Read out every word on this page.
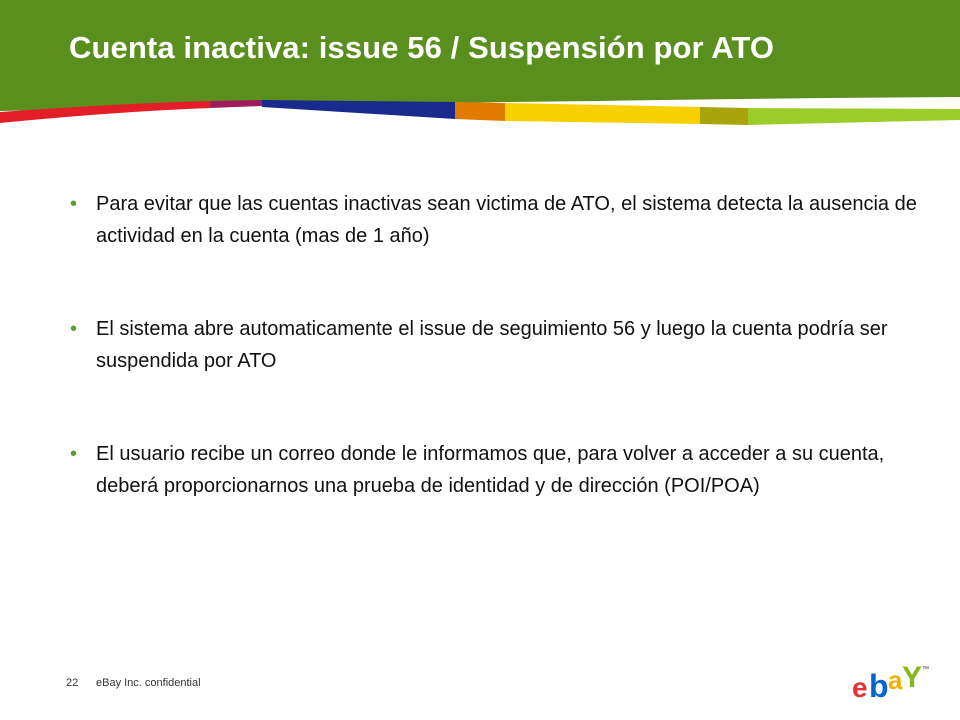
Cuenta inactiva: issue 56 / Suspensión por ATO
• Para evitar que las cuentas inactivas sean victima de ATO, el sistema detecta la ausencia de actividad en la cuenta (mas de 1 año)
• El sistema abre automaticamente el issue de seguimiento 56 y luego la cuenta podría ser suspendida por ATO
• El usuario recibe un correo donde le informamos que, para volver a acceder a su cuenta, deberá proporcionarnos una prueba de identidad y de dirección (POI/POA)
22 eBay Inc. confidential	e b a Y ™
